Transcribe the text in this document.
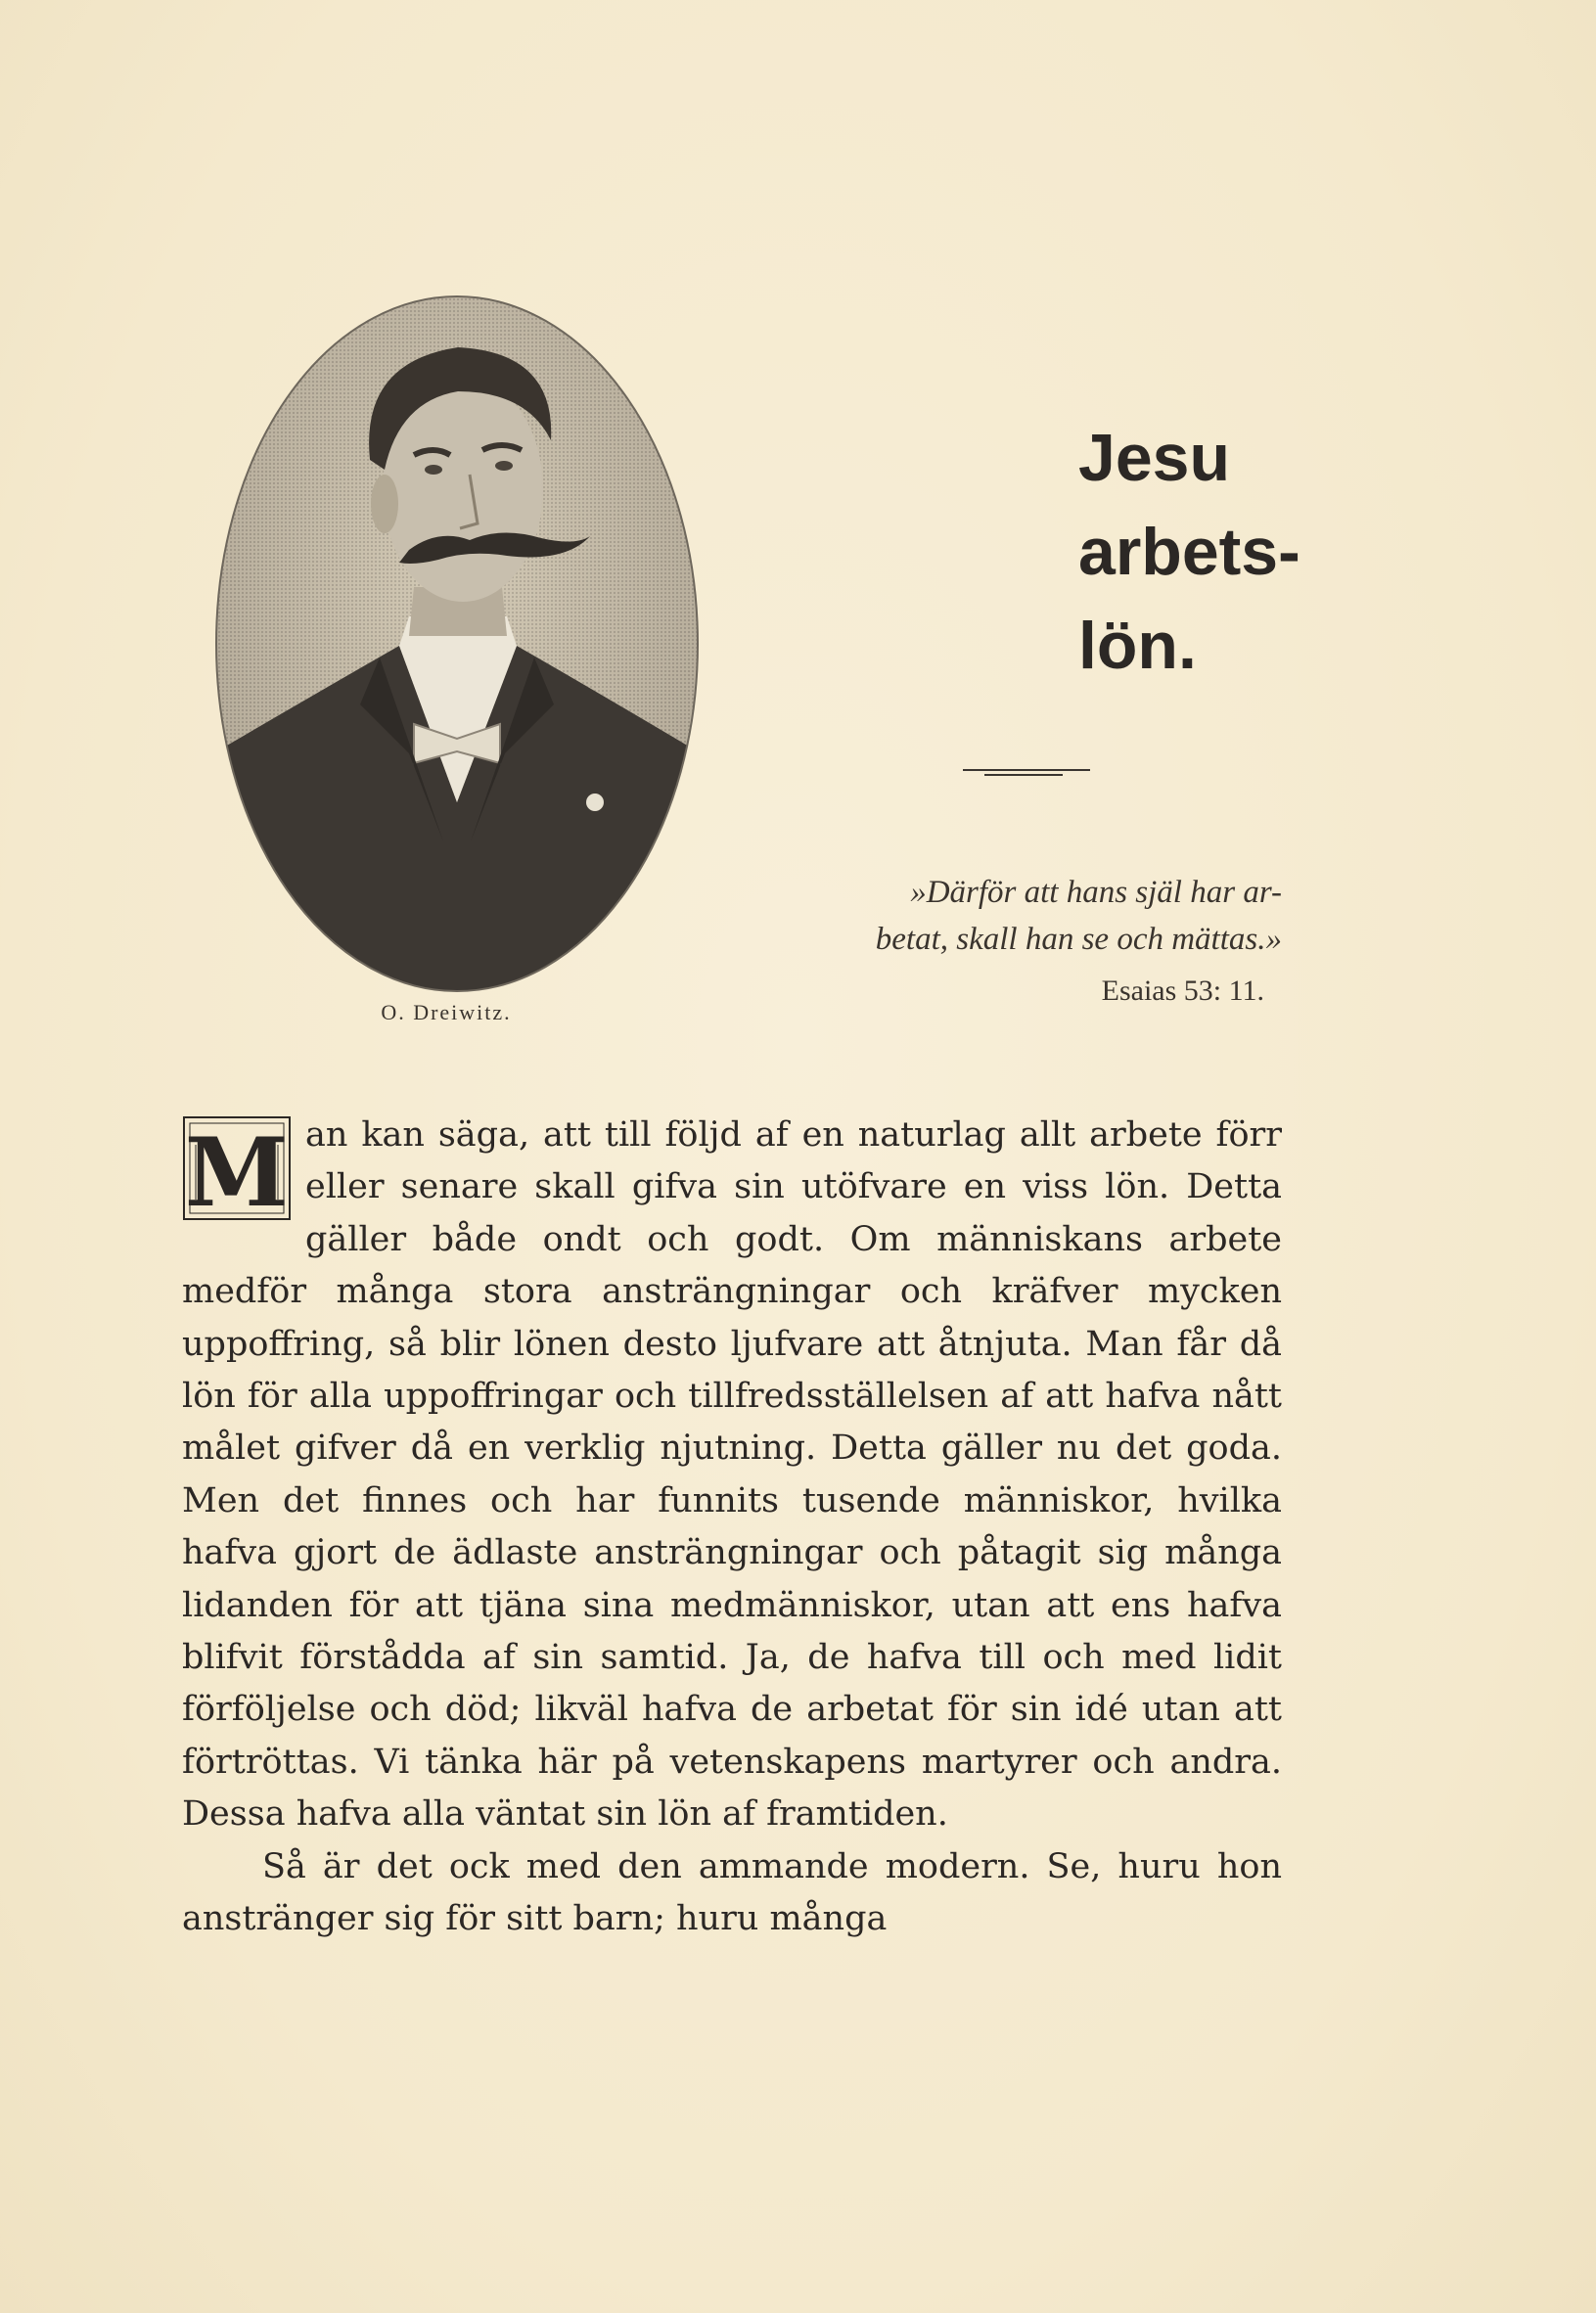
O. Dreiwitz.
Jesu
arbets-
lön.
»Därför att hans själ har ar-
betat, skall han se och mättas.»
Esaias 53: 11.

M an kan säga, att till följd af en naturlag allt arbete förr eller senare skall gifva sin utöfvare en viss lön. Detta gäller både ondt och godt. Om människans arbete medför många stora ansträngningar och kräfver mycken uppoffring, så blir lönen desto ljufvare att åtnjuta. Man får då lön för alla uppoffringar och tillfredsställelsen af att hafva nått målet gifver då en verklig njutning. Detta gäller nu det goda. Men det finnes och har funnits tusende människor, hvilka hafva gjort de ädlaste ansträngningar och påtagit sig många lidanden för att tjäna sina medmänniskor, utan att ens hafva blifvit förstådda af sin samtid. Ja, de hafva till och med lidit förföljelse och död; likväl hafva de arbetat för sin idé utan att förtröttas. Vi tänka här på vetenskapens martyrer och andra. Dessa hafva alla väntat sin lön af framtiden.

Så är det ock med den ammande modern. Se, huru hon anstränger sig för sitt barn; huru många
